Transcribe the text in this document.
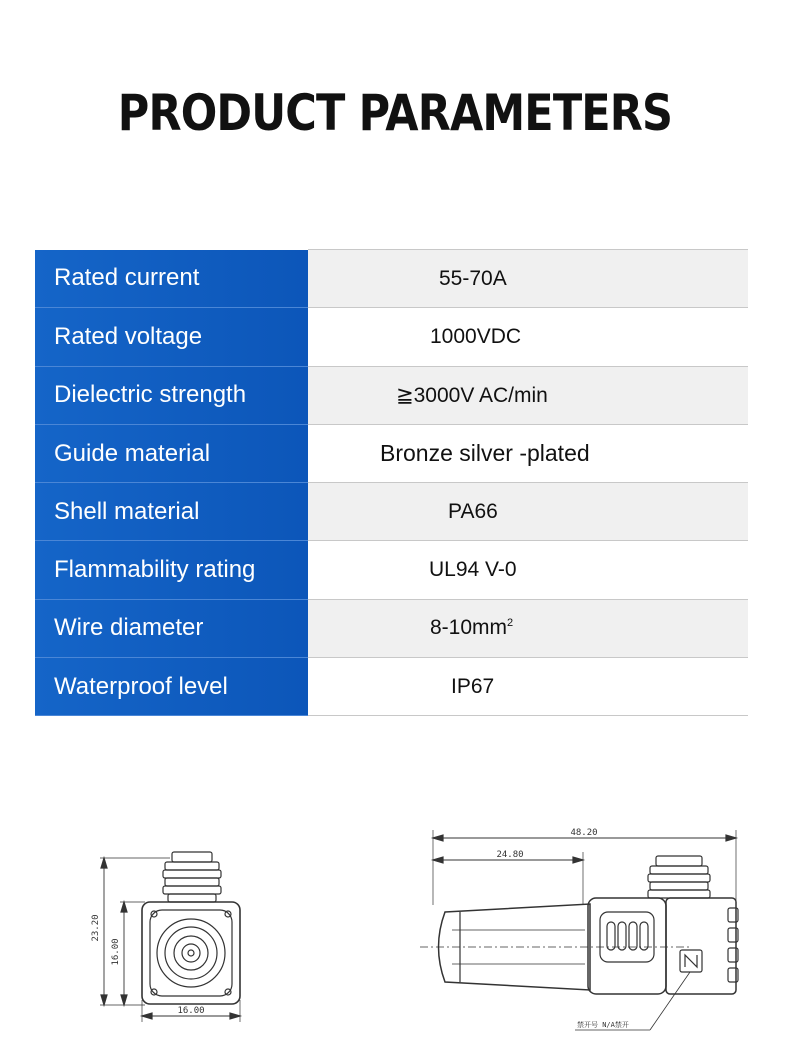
PRODUCT PARAMETERS
Rated current	55-70A
Rated voltage	1000VDC
Dielectric strength	≧3000V AC/min
Guide material	Bronze silver -plated
Shell material	PA66
Flammability rating	UL94 V-0
Wire diameter	$8-10mm^2$
Waterproof level	IP67
23.20
16.00
16.00
48.20
24.80
禁开号 N/A禁开
